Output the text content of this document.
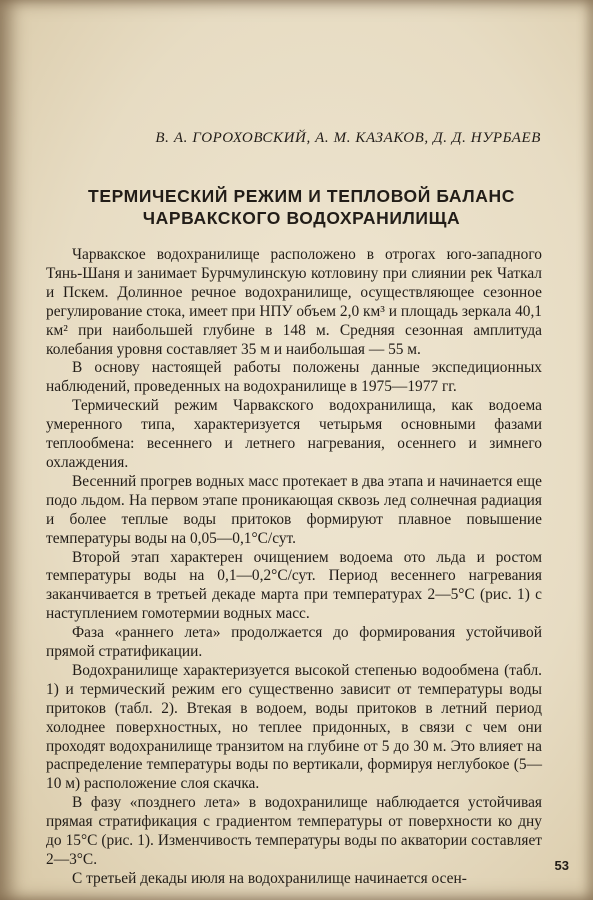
В. А. ГОРОХОВСКИЙ, А. М. КАЗАКОВ, Д. Д. НУРБАЕВ
ТЕРМИЧЕСКИЙ РЕЖИМ И ТЕПЛОВОЙ БАЛАНС
ЧАРВАКСКОГО ВОДОХРАНИЛИЩА

Чарвакское водохранилище расположено в отрогах юго-западного Тянь-Шаня и занимает Бурчмулинскую котловину при слиянии рек Чаткал и Пскем. Долинное речное водохранилище, осуществляющее сезонное регулирование стока, имеет при НПУ объем 2,0 км³ и площадь зеркала 40,1 км² при наибольшей глубине в 148 м. Средняя сезонная амплитуда колебания уровня составляет 35 м и наибольшая — 55 м.

В основу настоящей работы положены данные экспедиционных наблюдений, проведенных на водохранилище в 1975—1977 гг.

Термический режим Чарвакского водохранилища, как водоема умеренного типа, характеризуется четырьмя основными фазами теплообмена: весеннего и летнего нагревания, осеннего и зимнего охлаждения.

Весенний прогрев водных масс протекает в два этапа и начинается еще подо льдом. На первом этапе проникающая сквозь лед солнечная радиация и более теплые воды притоков формируют плавное повышение температуры воды на 0,05—0,1°С/сут.

Второй этап характерен очищением водоема ото льда и ростом температуры воды на 0,1—0,2°С/сут. Период весеннего нагревания заканчивается в третьей декаде марта при температурах 2—5°С (рис. 1) с наступлением гомотермии водных масс.

Фаза «раннего лета» продолжается до формирования устойчивой прямой стратификации.

Водохранилище характеризуется высокой степенью водообмена (табл. 1) и термический режим его существенно зависит от температуры воды притоков (табл. 2). Втекая в водоем, воды притоков в летний период холоднее поверхностных, но теплее придонных, в связи с чем они проходят водохранилище транзитом на глубине от 5 до 30 м. Это влияет на распределение температуры воды по вертикали, формируя неглубокое (5—10 м) расположение слоя скачка.

В фазу «позднего лета» в водохранилище наблюдается устойчивая прямая стратификация с градиентом температуры от поверхности ко дну до 15°С (рис. 1). Изменчивость температуры воды по акватории составляет 2—3°С.

С третьей декады июля на водохранилище начинается осен-

53
